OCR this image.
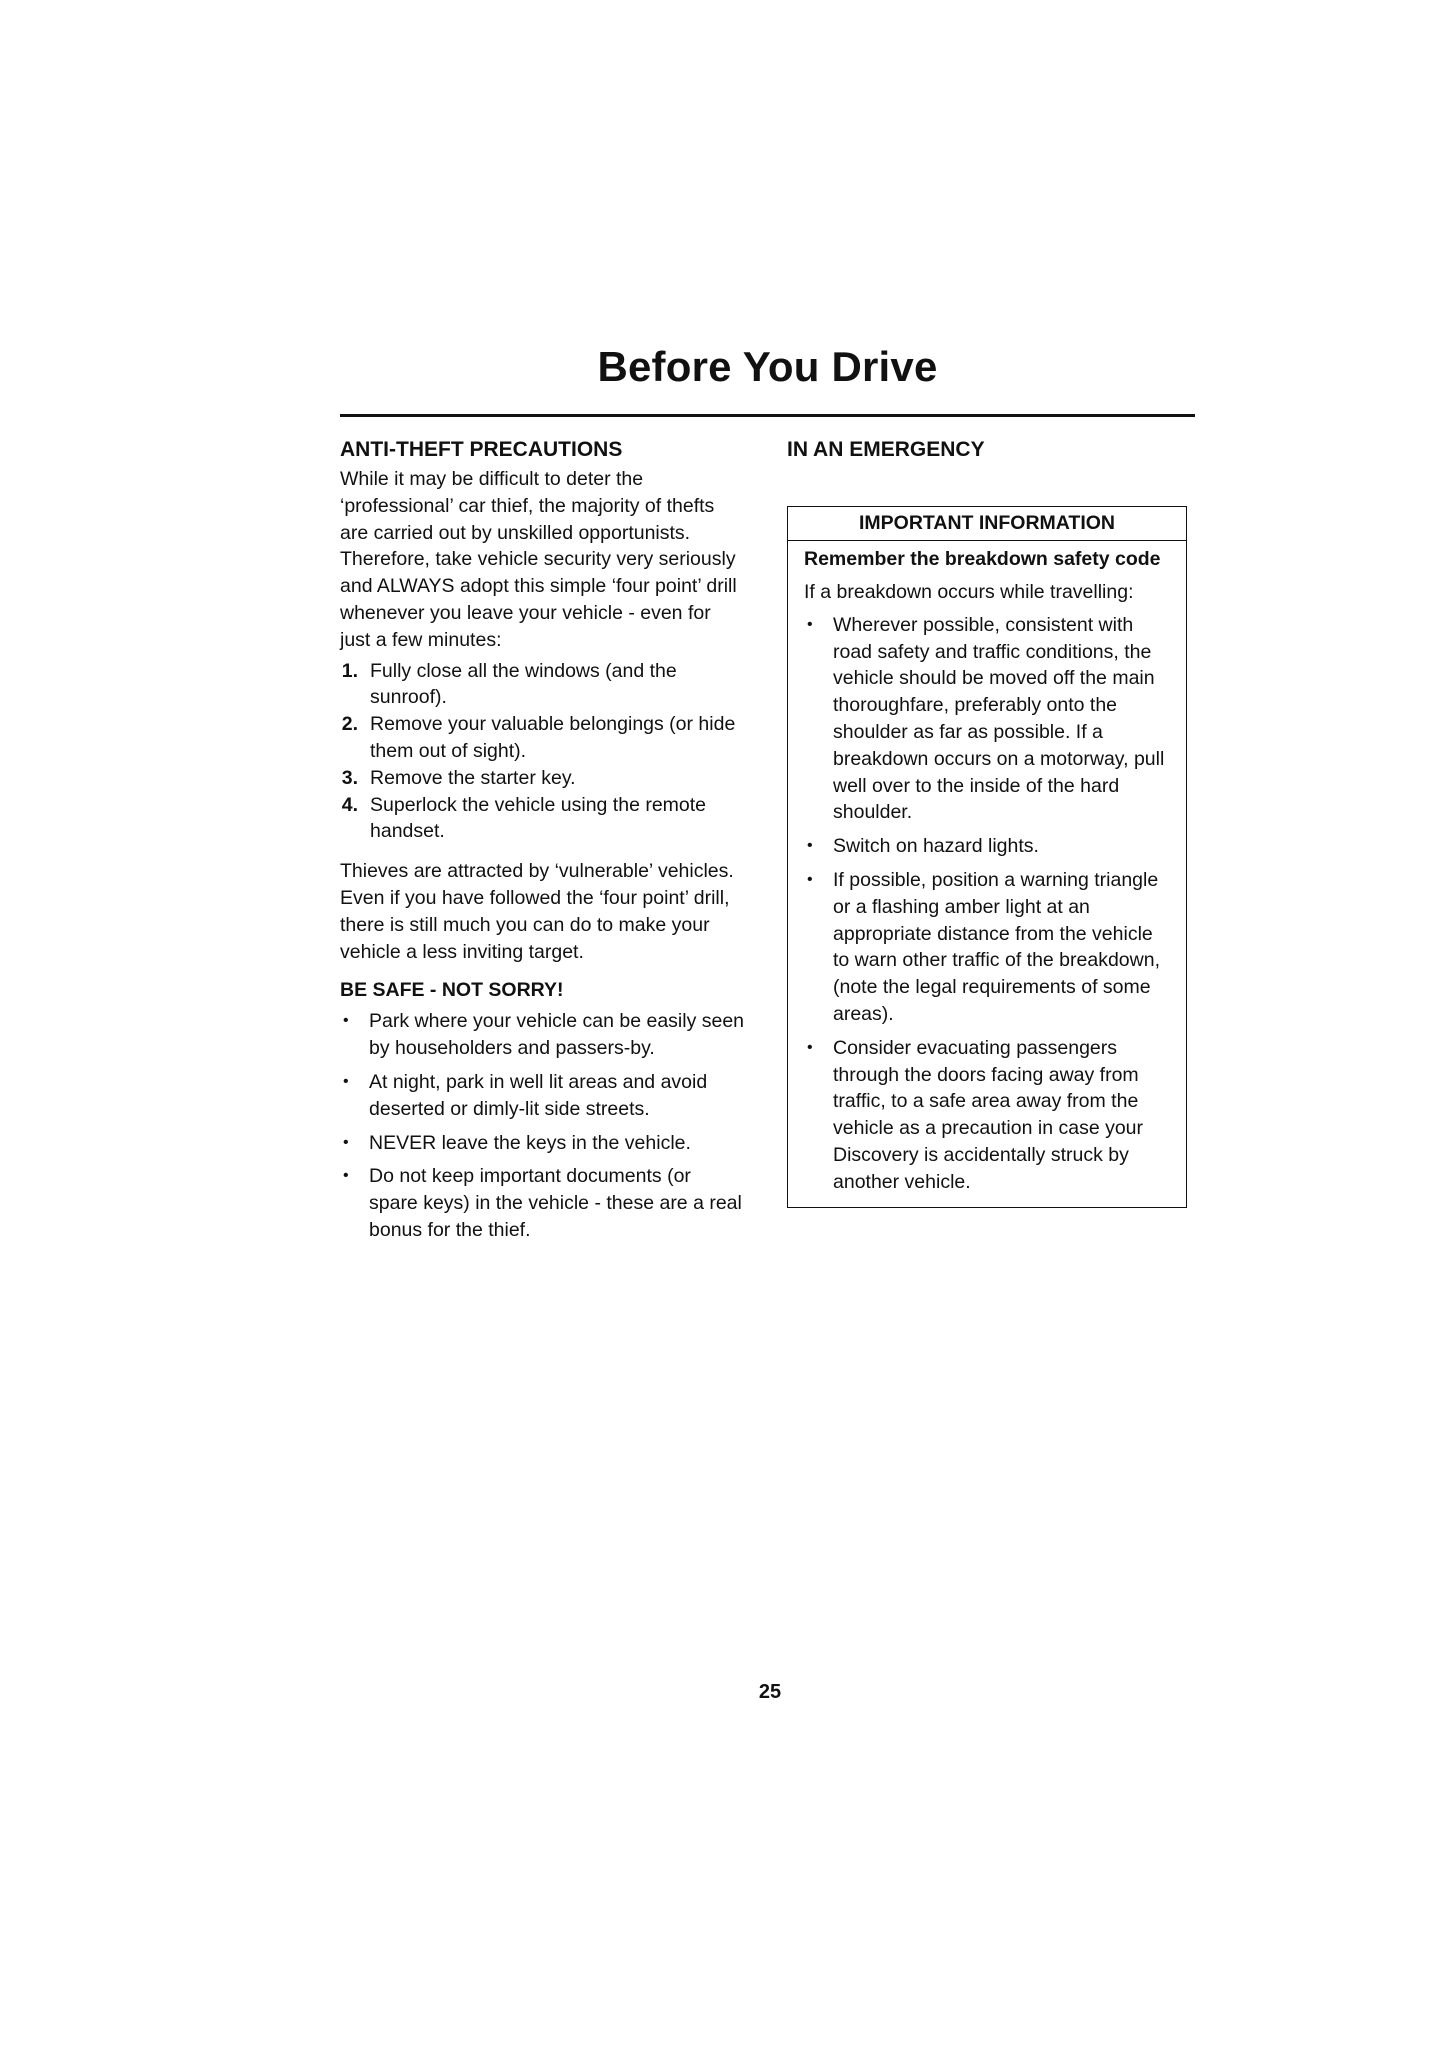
Before You Drive
ANTI-THEFT PRECAUTIONS

While it may be difficult to deter the ‘professional’ car thief, the majority of thefts are carried out by unskilled opportunists. Therefore, take vehicle security very seriously and ALWAYS adopt this simple ‘four point’ drill whenever you leave your vehicle - even for just a few minutes:

1. Fully close all the windows (and the sunroof).
2. Remove your valuable belongings (or hide them out of sight).
3. Remove the starter key.
4. Superlock the vehicle using the remote handset.

Thieves are attracted by ‘vulnerable’ vehicles. Even if you have followed the ‘four point’ drill, there is still much you can do to make your vehicle a less inviting target.

BE SAFE - NOT SORRY!
•	Park where your vehicle can be easily seen by householders and passers-by.
•	At night, park in well lit areas and avoid deserted or dimly-lit side streets.
•	NEVER leave the keys in the vehicle.
•	Do not keep important documents (or spare keys) in the vehicle - these are a real bonus for the thief.
IN AN EMERGENCY
IMPORTANT INFORMATION
Remember the breakdown safety code

If a breakdown occurs while travelling:

•	Wherever possible, consistent with road safety and traffic conditions, the vehicle should be moved off the main thoroughfare, preferably onto the shoulder as far as possible. If a breakdown occurs on a motorway, pull well over to the inside of the hard shoulder.
•	Switch on hazard lights.
•	If possible, position a warning triangle or a flashing amber light at an appropriate distance from the vehicle to warn other traffic of the breakdown, (note the legal requirements of some areas).
•	Consider evacuating passengers through the doors facing away from traffic, to a safe area away from the vehicle as a precaution in case your Discovery is accidentally struck by another vehicle.
25
